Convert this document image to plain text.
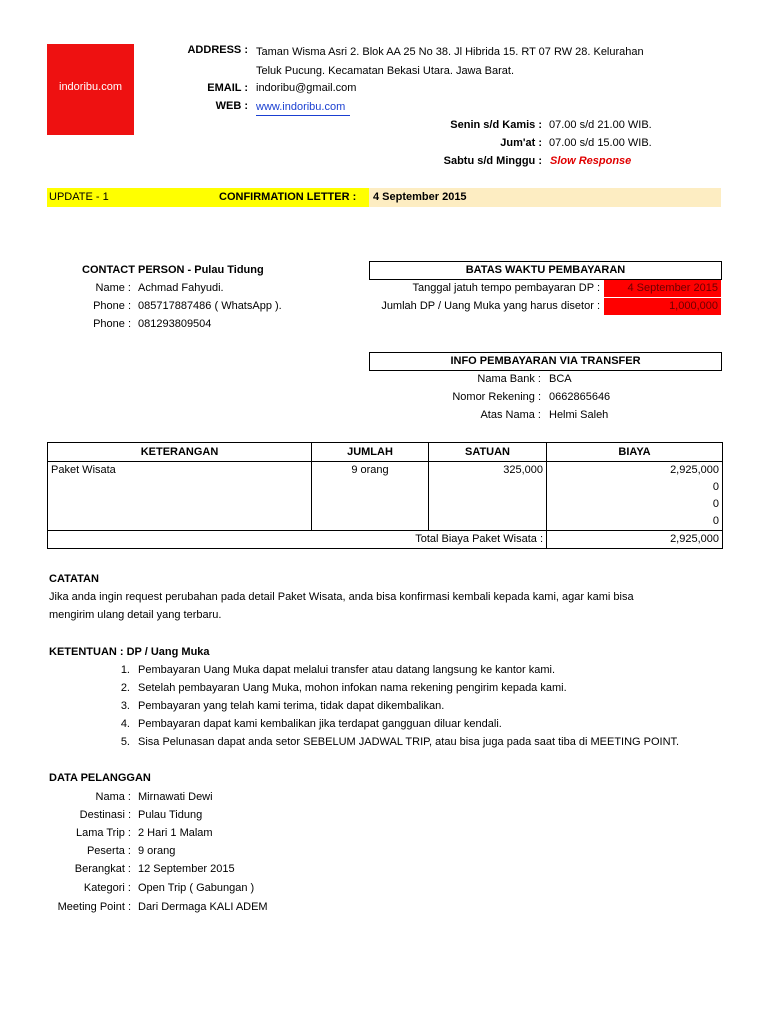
indoribu.com
ADDRESS : Taman Wisma Asri 2. Blok AA 25 No 38. Jl Hibrida 15. RT 07 RW 28. Kelurahan
Teluk Pucung. Kecamatan Bekasi Utara. Jawa Barat.
EMAIL : indoribu@gmail.com
WEB : www.indoribu.com
Senin s/d Kamis : 07.00 s/d 21.00 WIB.
Jum'at : 07.00 s/d 15.00 WIB.
Sabtu s/d Minggu : Slow Response
UPDATE - 1	CONFIRMATION LETTER : 4 September 2015
CONTACT PERSON - Pulau Tidung
Name : Achmad Fahyudi.
Phone : 085717887486 ( WhatsApp ).
Phone : 081293809504
BATAS WAKTU PEMBAYARAN
Tanggal jatuh tempo pembayaran DP :	4 September 2015
Jumlah DP / Uang Muka yang harus disetor :	1,000,000
INFO PEMBAYARAN VIA TRANSFER
Nama Bank : BCA
Nomor Rekening : 0662865646
Atas Nama : Helmi Saleh
KETERANGAN	JUMLAH	SATUAN	BIAYA
Paket Wisata	9 orang	325,000	2,925,000
			0
			0
			0
Total Biaya Paket Wisata :			2,925,000
CATATAN
Jika anda ingin request perubahan pada detail Paket Wisata, anda bisa konfirmasi kembali kepada kami, agar kami bisa
mengirim ulang detail yang terbaru.
KETENTUAN : DP / Uang Muka
1. Pembayaran Uang Muka dapat melalui transfer atau datang langsung ke kantor kami.
2. Setelah pembayaran Uang Muka, mohon infokan nama rekening pengirim kepada kami.
3. Pembayaran yang telah kami terima, tidak dapat dikembalikan.
4. Pembayaran dapat kami kembalikan jika terdapat gangguan diluar kendali.
5. Sisa Pelunasan dapat anda setor SEBELUM JADWAL TRIP, atau bisa juga pada saat tiba di MEETING POINT.
DATA PELANGGAN
Nama : Mirnawati Dewi
Destinasi : Pulau Tidung
Lama Trip : 2 Hari 1 Malam
Peserta : 9 orang
Berangkat : 12 September 2015
Kategori : Open Trip ( Gabungan )
Meeting Point : Dari Dermaga KALI ADEM
